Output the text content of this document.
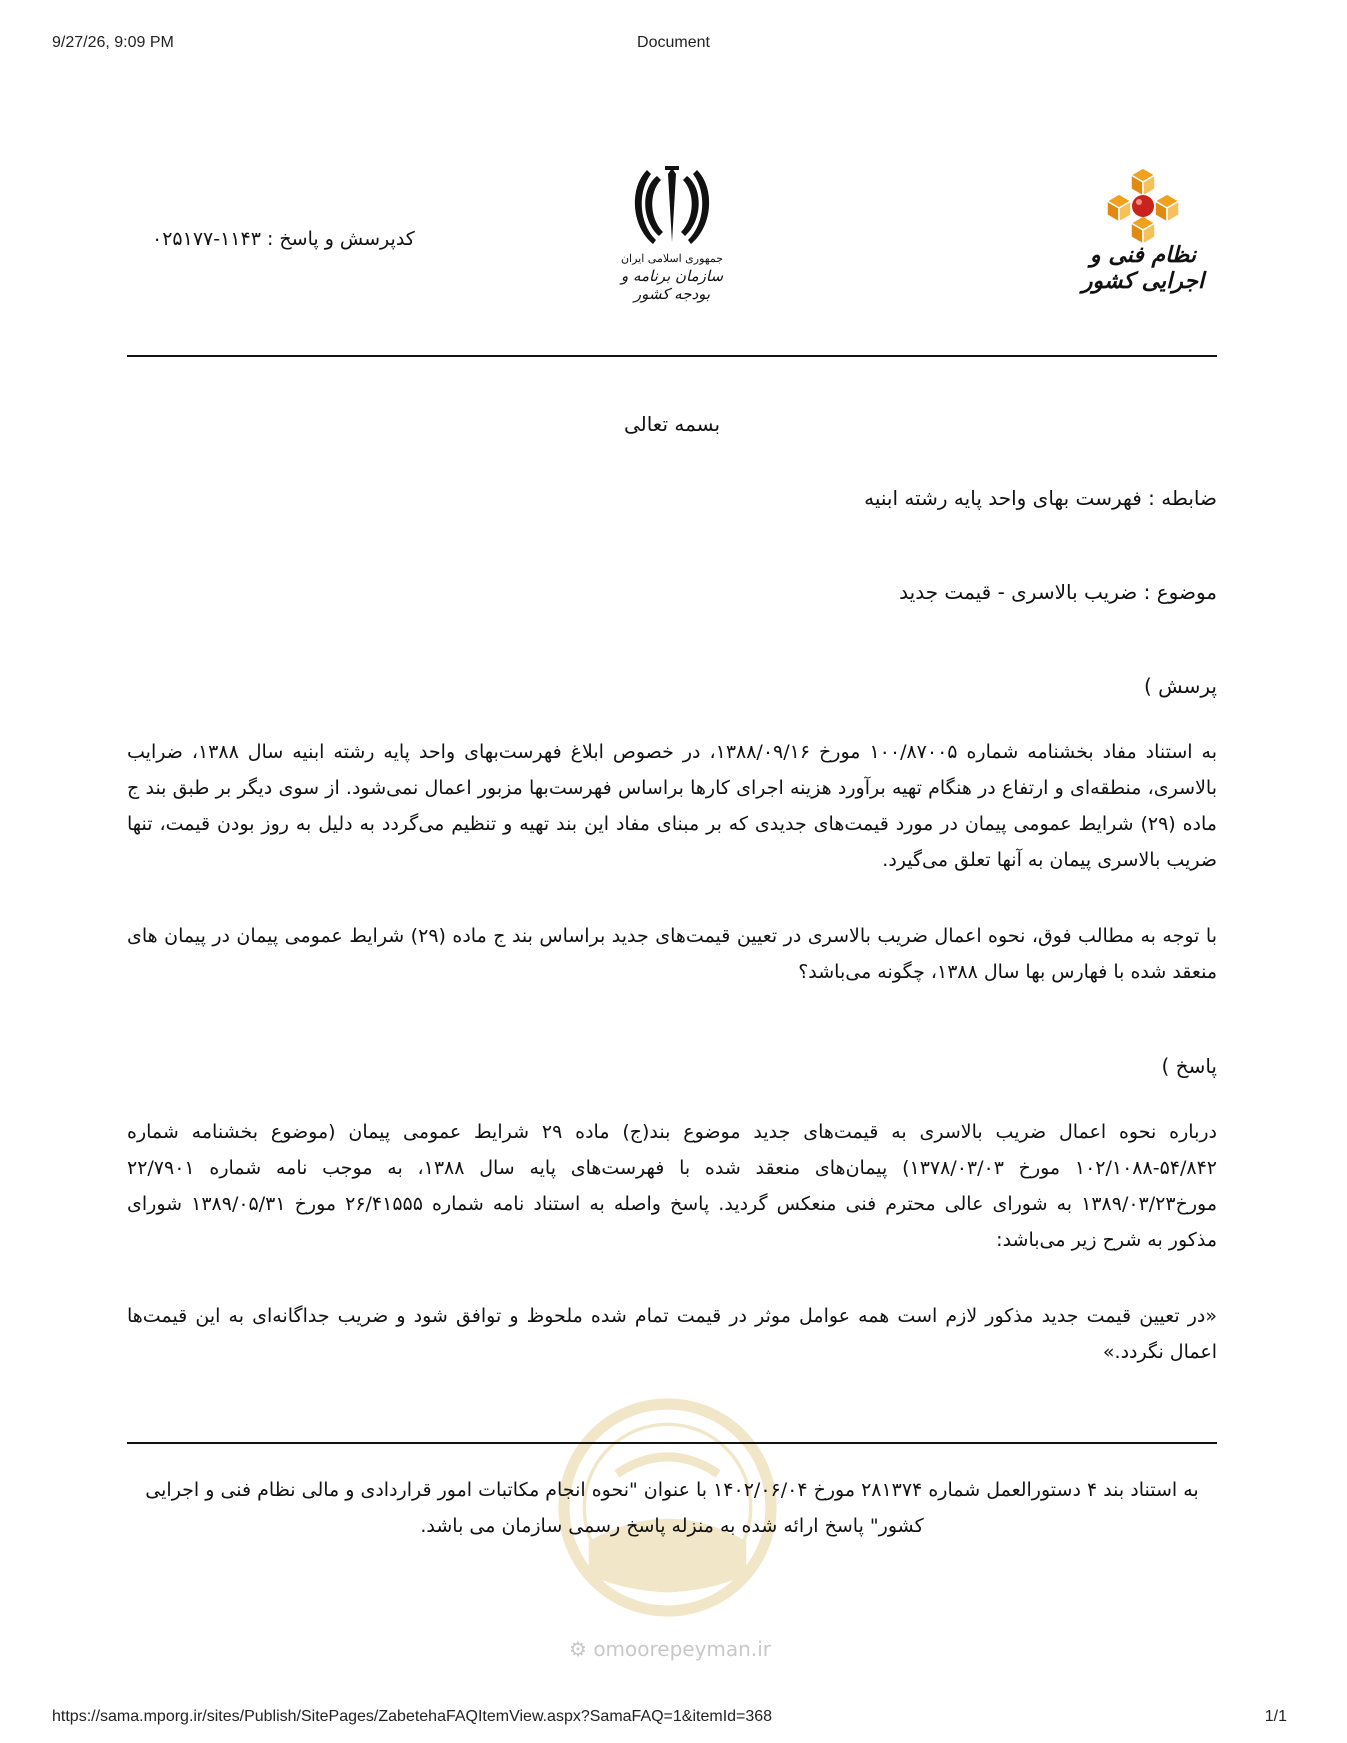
9/27/26, 9:09 PM	Document
کدپرسش و پاسخ : ۱۱۴۳-۰۲۵۱۷۷
جمهوری اسلامی ایران
سازمان برنامه و بودجه کشور
نظام فنی و اجرایی کشور
بسمه تعالی
ضابطه : فهرست بهای واحد پایه رشته ابنیه
موضوع : ضریب بالاسری - قیمت جدید
پرسش )
به استناد مفاد بخشنامه شماره ۱۰۰/۸۷۰۰۵ مورخ ۱۳۸۸/۰۹/۱۶، در خصوص ابلاغ فهرست‌بهای واحد پایه رشته ابنیه سال ۱۳۸۸، ضرایب بالاسری، منطقه‌ای و ارتفاع در هنگام تهیه برآورد هزینه اجرای کارها براساس فهرست‌بها مزبور اعمال نمی‌شود. از سوی دیگر بر طبق بند ج ماده (۲۹) شرایط عمومی پیمان در مورد قیمت‌های جدیدی که بر مبنای مفاد این بند تهیه و تنظیم می‌گردد به دلیل به روز بودن قیمت، تنها ضریب بالاسری پیمان به آنها تعلق می‌گیرد.
با توجه به مطالب فوق، نحوه اعمال ضریب بالاسری در تعیین قیمت‌های جدید براساس بند ج ماده (۲۹) شرایط عمومی پیمان در پیمان های منعقد شده با فهارس بها سال ۱۳۸۸، چگونه می‌باشد؟
پاسخ )
درباره نحوه اعمال ضریب بالاسری به قیمت‌های جدید موضوع بند(ج) ماده ۲۹ شرایط عمومی پیمان (موضوع بخشنامه شماره ۵۴/۸۴۲-۱۰۲/۱۰۸۸ مورخ ۱۳۷۸/۰۳/۰۳) پیمان‌های منعقد شده با فهرست‌های پایه سال ۱۳۸۸، به موجب نامه شماره ۲۲/۷۹۰۱ مورخ۱۳۸۹/۰۳/۲۳ به شورای عالی محترم فنی منعکس گردید. پاسخ واصله به استناد نامه شماره ۲۶/۴۱۵۵۵ مورخ ۱۳۸۹/۰۵/۳۱ شورای مذکور به شرح زیر می‌باشد:
«در تعیین قیمت جدید مذکور لازم است همه عوامل موثر در قیمت تمام شده ملحوظ و توافق شود و ضریب جداگانه‌ای به این قیمت‌ها اعمال نگردد.»
به استناد بند ۴ دستورالعمل شماره ۲۸۱۳۷۴ مورخ ۱۴۰۲/۰۶/۰۴ با عنوان "نحوه انجام مکاتبات امور قراردادی و مالی نظام فنی و اجرایی کشور" پاسخ ارائه شده به منزله پاسخ رسمی سازمان می باشد.
⚙ omoorepeyman.ir
https://sama.mporg.ir/sites/Publish/SitePages/ZabetehaFAQItemView.aspx?SamaFAQ=1&itemId=368	1/1
